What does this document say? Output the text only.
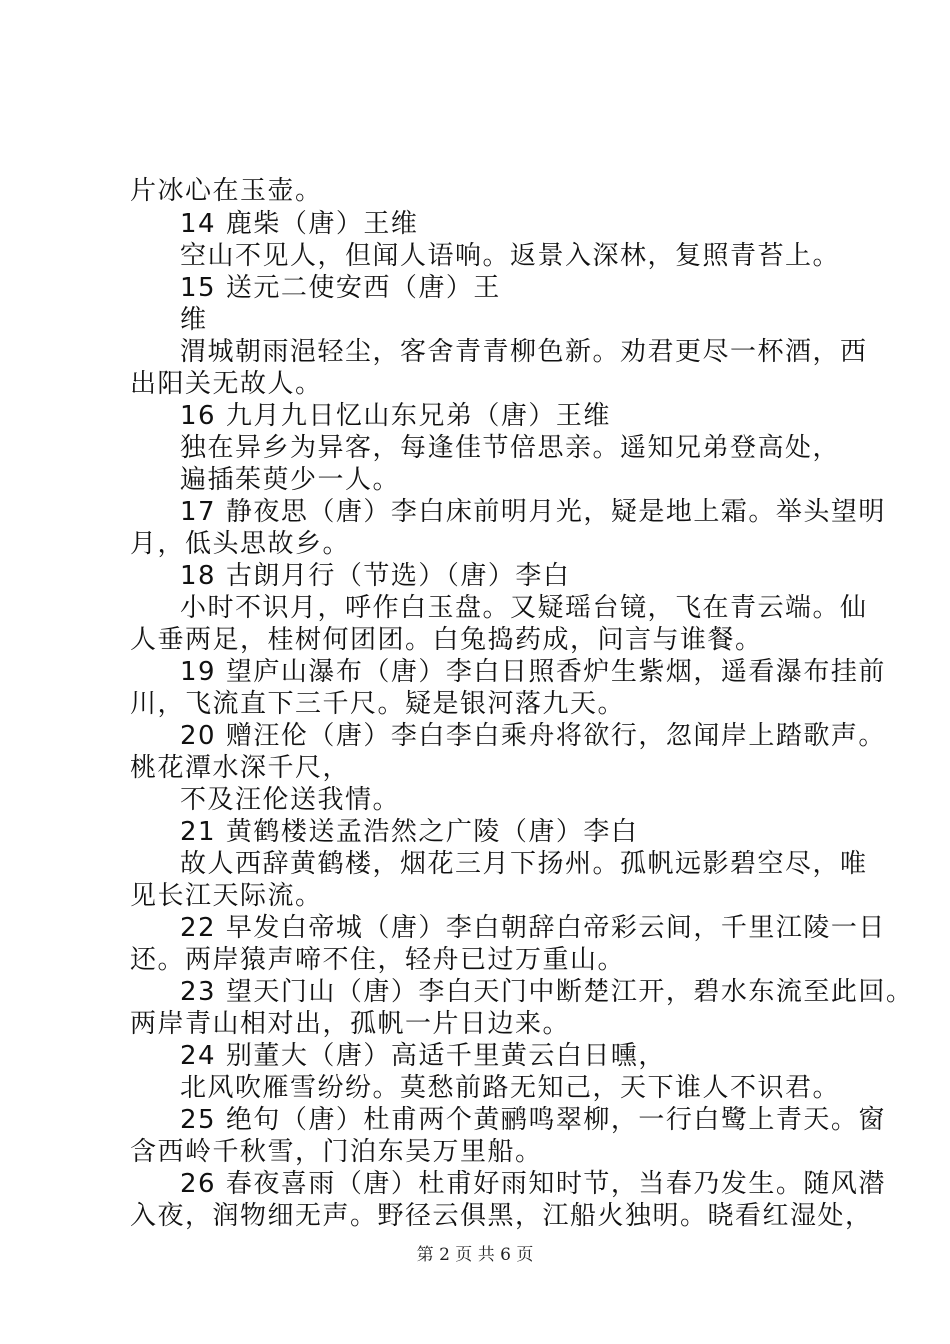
片冰心在玉壶。
14 鹿柴（唐）王维
空山不见人，但闻人语响。返景入深林，复照青苔上。
15 送元二使安西（唐）王
维
渭城朝雨浥轻尘，客舍青青柳色新。劝君更尽一杯酒，西
出阳关无故人。
16 九月九日忆山东兄弟（唐）王维
独在异乡为异客，每逢佳节倍思亲。遥知兄弟登高处，
遍插茱萸少一人。
17 静夜思（唐）李白床前明月光，疑是地上霜。举头望明
月，低头思故乡。
18 古朗月行（节选）（唐）李白
小时不识月，呼作白玉盘。又疑瑶台镜，飞在青云端。仙
人垂两足，桂树何团团。白兔捣药成，问言与谁餐。
19 望庐山瀑布（唐）李白日照香炉生紫烟，遥看瀑布挂前
川，飞流直下三千尺。疑是银河落九天。
20 赠汪伦（唐）李白李白乘舟将欲行，忽闻岸上踏歌声。
桃花潭水深千尺，
不及汪伦送我情。
21 黄鹤楼送孟浩然之广陵（唐）李白
故人西辞黄鹤楼，烟花三月下扬州。孤帆远影碧空尽，唯
见长江天际流。
22 早发白帝城（唐）李白朝辞白帝彩云间，千里江陵一日
还。两岸猿声啼不住，轻舟已过万重山。
23 望天门山（唐）李白天门中断楚江开，碧水东流至此回。
两岸青山相对出，孤帆一片日边来。
24 别董大（唐）高适千里黄云白日曛，
北风吹雁雪纷纷。莫愁前路无知己，天下谁人不识君。
25 绝句（唐）杜甫两个黄鹂鸣翠柳，一行白鹭上青天。窗
含西岭千秋雪，门泊东吴万里船。
26 春夜喜雨（唐）杜甫好雨知时节，当春乃发生。随风潜
入夜，润物细无声。野径云俱黑，江船火独明。晓看红湿处，
第 2 页 共 6 页
